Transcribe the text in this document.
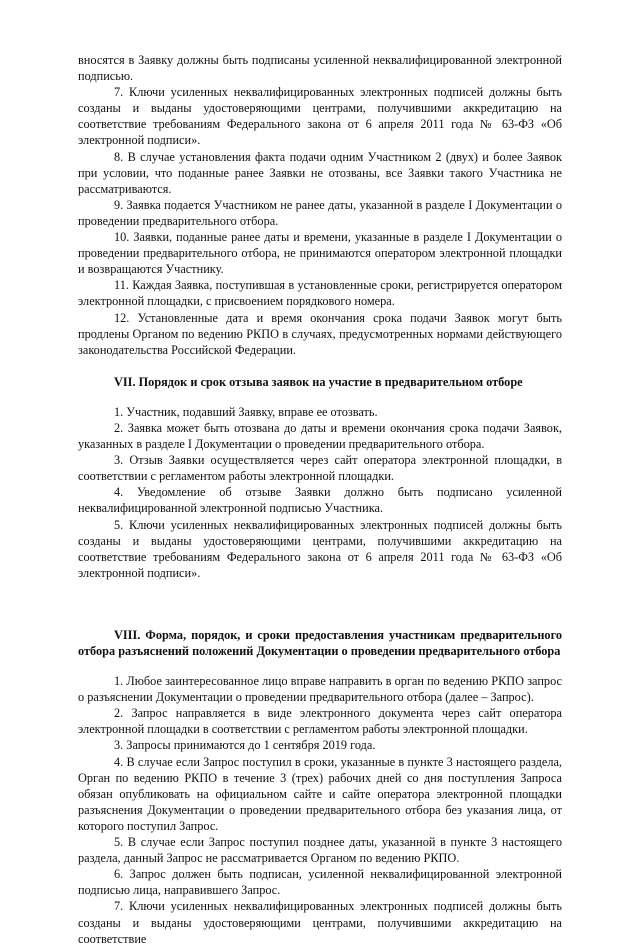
вносятся в Заявку должны быть подписаны усиленной неквалифицированной электронной подписью.

7. Ключи усиленных неквалифицированных электронных подписей должны быть созданы и выданы удостоверяющими центрами, получившими аккредитацию на соответствие требованиям Федерального закона от 6 апреля 2011 года № 63-ФЗ «Об электронной подписи».

8. В случае установления факта подачи одним Участником 2 (двух) и более Заявок при условии, что поданные ранее Заявки не отозваны, все Заявки такого Участника не рассматриваются.

9. Заявка подается Участником не ранее даты, указанной в разделе I Документации о проведении предварительного отбора.

10. Заявки, поданные ранее даты и времени, указанные в разделе I Документации о проведении предварительного отбора, не принимаются оператором электронной площадки и возвращаются Участнику.

11. Каждая Заявка, поступившая в установленные сроки, регистрируется оператором электронной площадки, с присвоением порядкового номера.

12. Установленные дата и время окончания срока подачи Заявок могут быть продлены Органом по ведению РКПО в случаях, предусмотренных нормами действующего законодательства Российской Федерации.

VII. Порядок и срок отзыва заявок на участие в предварительном отборе

1. Участник, подавший Заявку, вправе ее отозвать.

2. Заявка может быть отозвана до даты и времени окончания срока подачи Заявок, указанных в разделе I Документации о проведении предварительного отбора.

3. Отзыв Заявки осуществляется через сайт оператора электронной площадки, в соответствии с регламентом работы электронной площадки.

4. Уведомление об отзыве Заявки должно быть подписано усиленной неквалифицированной электронной подписью Участника.

5. Ключи усиленных неквалифицированных электронных подписей должны быть созданы и выданы удостоверяющими центрами, получившими аккредитацию на соответствие требованиям Федерального закона от 6 апреля 2011 года № 63-ФЗ «Об электронной подписи».

VIII. Форма, порядок, и сроки предоставления участникам предварительного отбора разъяснений положений Документации о проведении предварительного отбора

1. Любое заинтересованное лицо вправе направить в орган по ведению РКПО запрос о разъяснении Документации о проведении предварительного отбора (далее – Запрос).

2. Запрос направляется в виде электронного документа через сайт оператора электронной площадки в соответствии с регламентом работы электронной площадки.

3. Запросы принимаются до 1 сентября 2019 года.

4. В случае если Запрос поступил в сроки, указанные в пункте 3 настоящего раздела, Орган по ведению РКПО в течение 3 (трех) рабочих дней со дня поступления Запроса обязан опубликовать на официальном сайте и сайте оператора электронной площадки разъяснения Документации о проведении предварительного отбора без указания лица, от которого поступил Запрос.

5. В случае если Запрос поступил позднее даты, указанной в пункте 3 настоящего раздела, данный Запрос не рассматривается Органом по ведению РКПО.

6. Запрос должен быть подписан, усиленной неквалифицированной электронной подписью лица, направившего Запрос.

7. Ключи усиленных неквалифицированных электронных подписей должны быть созданы и выданы удостоверяющими центрами, получившими аккредитацию на соответствие
